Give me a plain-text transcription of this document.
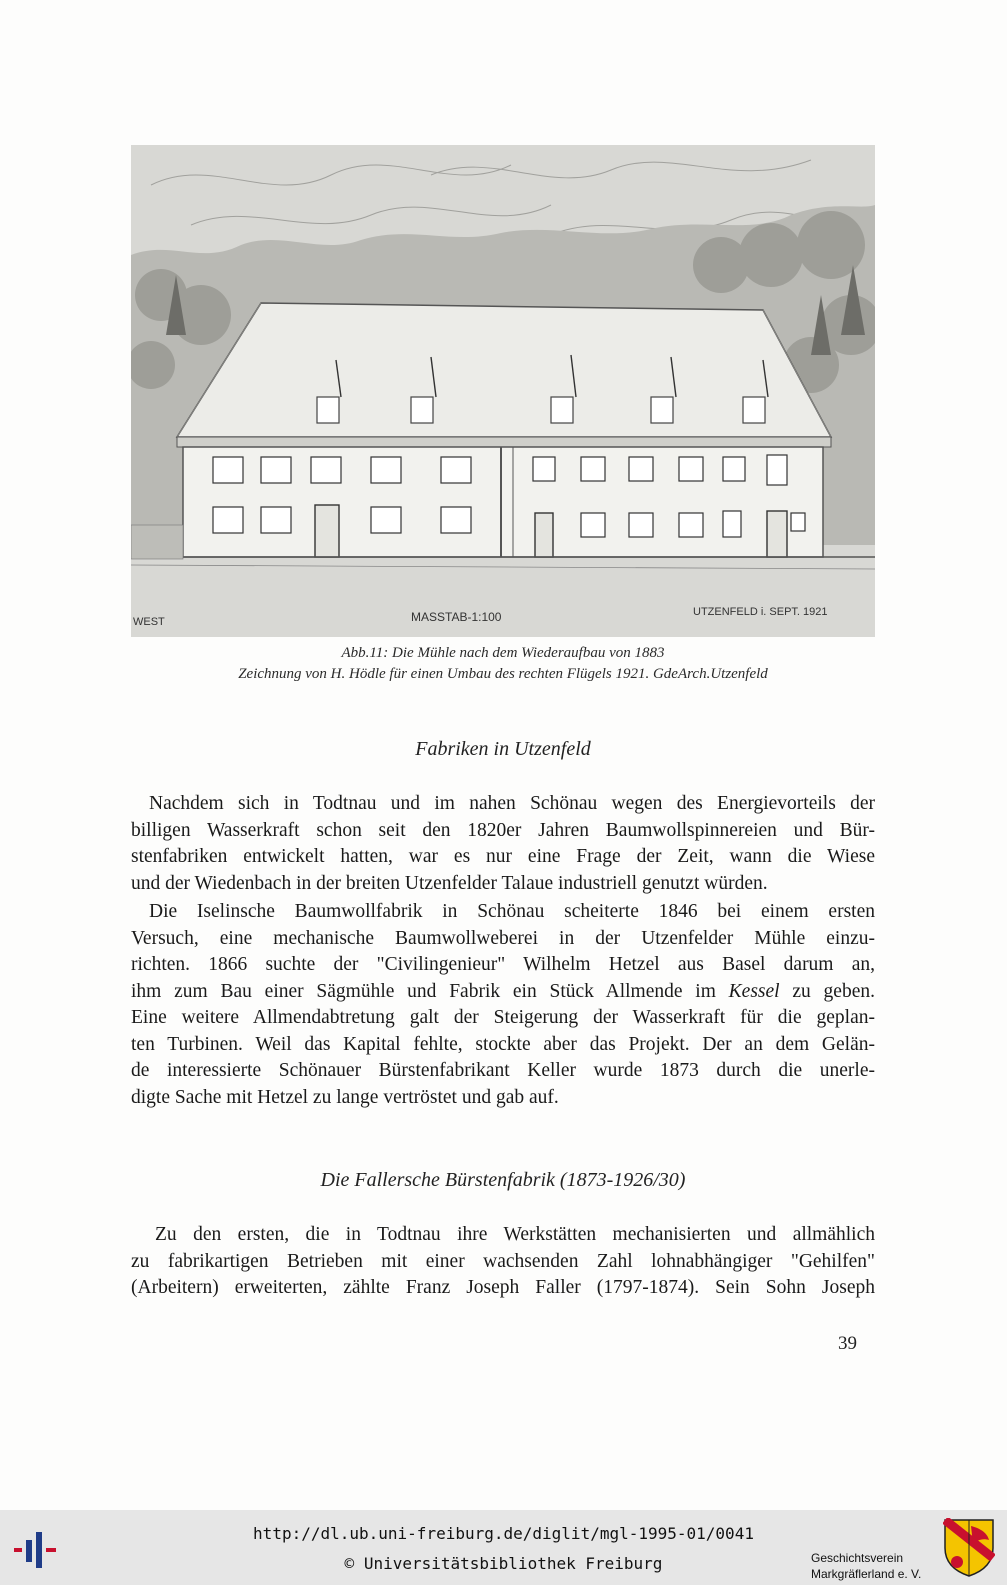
WEST	MASSTAB-1:100	UTZENFELD i. SEPT. 1921
Abb.11: Die Mühle nach dem Wiederaufbau von 1883
Zeichnung von H. Hödle für einen Umbau des rechten Flügels 1921. GdeArch.Utzenfeld
Fabriken in Utzenfeld
Nachdem sich in Todtnau und im nahen Schönau wegen des Energievorteils der
billigen Wasserkraft schon seit den 1820er Jahren Baumwollspinnereien und Bür-
stenfabriken entwickelt hatten, war es nur eine Frage der Zeit, wann die Wiese
und der Wiedenbach in der breiten Utzenfelder Talaue industriell genutzt würden.
Die Iselinsche Baumwollfabrik in Schönau scheiterte 1846 bei einem ersten
Versuch, eine mechanische Baumwollweberei in der Utzenfelder Mühle einzu-
richten. 1866 suchte der "Civilingenieur" Wilhelm Hetzel aus Basel darum an,
ihm zum Bau einer Sägmühle und Fabrik ein Stück Allmende im Kessel zu geben.
Eine weitere Allmendabtretung galt der Steigerung der Wasserkraft für die geplan-
ten Turbinen. Weil das Kapital fehlte, stockte aber das Projekt. Der an dem Gelän-
de interessierte Schönauer Bürstenfabrikant Keller wurde 1873 durch die unerle-
digte Sache mit Hetzel zu lange vertröstet und gab auf.
Die Fallersche Bürstenfabrik (1873-1926/30)
Zu den ersten, die in Todtnau ihre Werkstätten mechanisierten und allmählich
zu fabrikartigen Betrieben mit einer wachsenden Zahl lohnabhängiger "Gehilfen"
(Arbeitern) erweiterten, zählte Franz Joseph Faller (1797-1874). Sein Sohn Joseph
39
http://dl.ub.uni-freiburg.de/diglit/mgl-1995-01/0041
© Universitätsbibliothek Freiburg	Geschichtsverein
Markgräflerland e. V.
